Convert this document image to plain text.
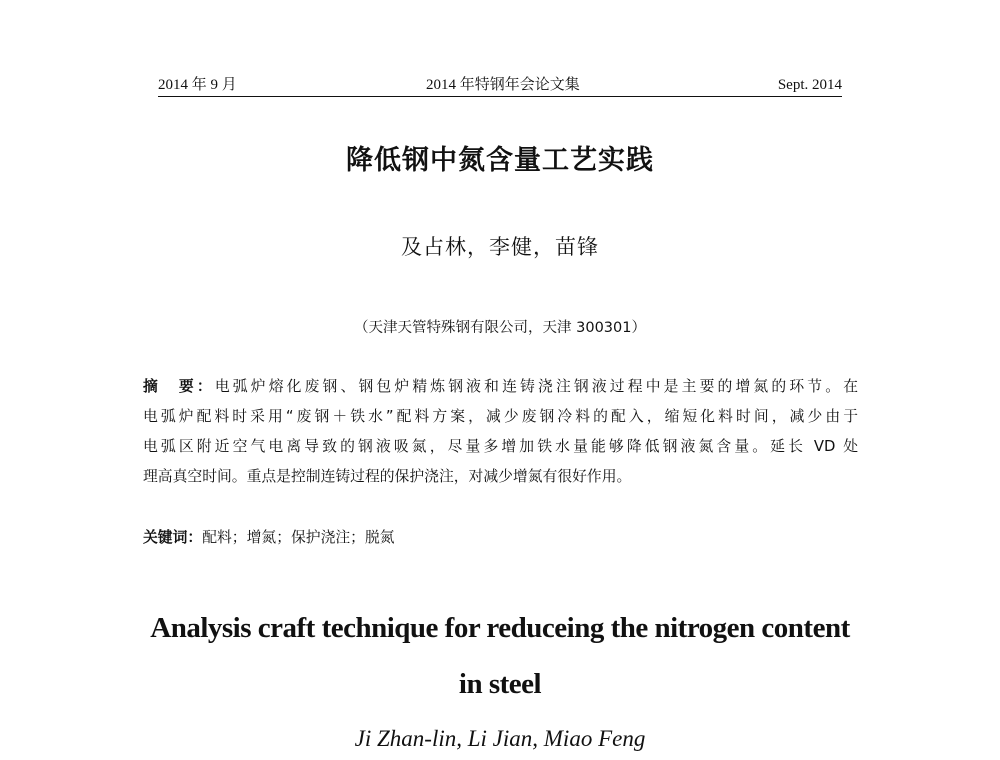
2014 年 9 月	2014 年特钢年会论文集	Sept. 2014
降低钢中氮含量工艺实践
及占林，李健，苗锋
（天津天管特殊钢有限公司，天津 300301）
摘　要：电弧炉熔化废钢、钢包炉精炼钢液和连铸浇注钢液过程中是主要的增氮的环节。在
电弧炉配料时采用“废钢＋铁水”配料方案，减少废钢冷料的配入，缩短化料时间，减少由于
电弧区附近空气电离导致的钢液吸氮，尽量多增加铁水量能够降低钢液氮含量。延长 VD 处
理高真空时间。重点是控制连铸过程的保护浇注，对减少增氮有很好作用。
关键词：配料；增氮；保护浇注；脱氮
Analysis craft technique for reduceing the nitrogen content
in steel
Ji Zhan-lin, Li Jian, Miao Feng
